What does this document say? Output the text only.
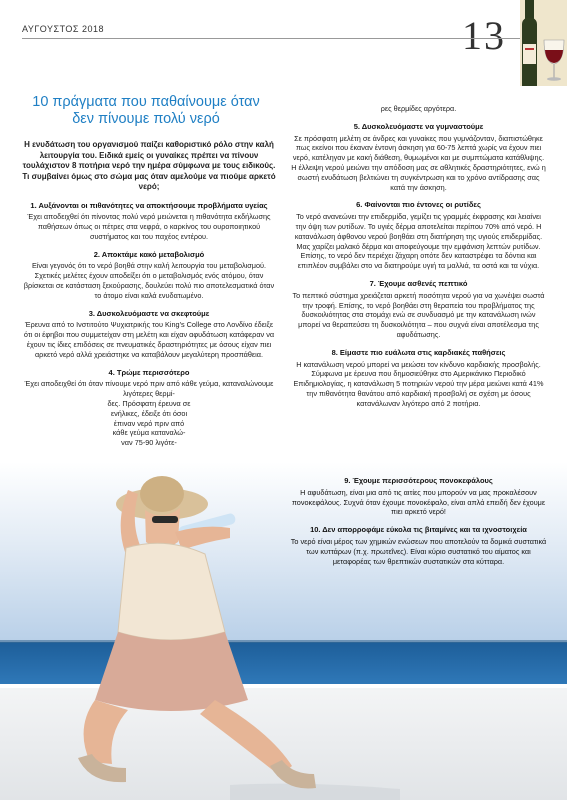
ΑΥΓΟΥΣΤΟΣ 2018	13
10 πράγματα που παθαίνουμε όταν δεν πίνουμε πολύ νερό

Η ενυδάτωση του οργανισμού παίζει καθοριστικό ρόλο στην καλή λειτουργία του. Ειδικά εμείς οι γυναίκες πρέπει να πίνουν τουλάχιστον 8 ποτήρια νερό την ημέρα σύμφωνα με τους ειδικούς. Τι συμβαίνει όμως στο σώμα μας όταν αμελούμε να πιούμε αρκετό νερό;

1. Αυξάνονται οι πιθανότητες να αποκτήσουμε προβλήματα υγείας

Έχει αποδειχθεί ότι πίνοντας πολύ νερό μειώνεται η πιθανότητα εκδήλωσης παθήσεων όπως οι πέτρες στα νεφρά, ο καρκίνος του ουροποιητικού συστήματος και του παχέος εντέρου.

2. Αποκτάμε κακό μεταβολισμό

Είναι γεγονός ότι το νερό βοηθά στην καλή λειτουργία του μεταβολισμού. Σχετικές μελέτες έχουν αποδείξει ότι ο μεταβολισμός ενός ατόμου, όταν βρίσκεται σε κατάσταση ξεκούρασης, δουλεύει πολύ πιο αποτελεσματικά όταν το άτομο είναι καλά ενυδατωμένο.

3. Δυσκολευόμαστε να σκεφτούμε

Έρευνα από το Ινστιτούτο Ψυχιατρικής του King's College στο Λονδίνο έδειξε ότι οι έφηβοι που συμμετείχαν στη μελέτη και είχαν αφυδάτωση κατάφεραν να έχουν τις ίδιες επιδόσεις σε πνευματικές δραστηριότητες με όσους είχαν πιει αρκετό νερό αλλά χρειάστηκε να καταβάλουν μεγαλύτερη προσπάθεια.

4. Τρώμε περισσότερο

Έχει αποδειχθεί ότι όταν πίνουμε νερό πριν από κάθε γεύμα, καταναλώνουμε λιγότερες θερμί-

δες. Πρόσφατη έρευνα σε

ενήλικες, έδειξε ότι όσοι

έπιναν νερό πριν από

κάθε γεύμα καταναλώ-

ναν 75-90 λιγότε-

ρες θερμίδες αργότερα.

5. Δυσκολευόμαστε να γυμναστούμε

Σε πρόσφατη μελέτη σε άνδρες και γυναίκες που γυμνάζονταν, διαπιστώθηκε πως εκείνοι που έκαναν έντονη άσκηση για 60-75 λεπτά χωρίς να έχουν πιει νερό, κατέληγαν με κακή διάθεση, θυμωμένοι και με συμπτώματα κατάθλιψης. Η έλλειψη νερού μειώνει την απόδοση μας σε αθλητικές δραστηριότητες, ενώ η σωστή ενυδάτωση βελτιώνει τη συγκέντρωση και το χρόνο αντίδρασης σας κατά την άσκηση.

6. Φαίνονται πιο έντονες οι ρυτίδες

Το νερό ανανεώνει την επιδερμίδα, γεμίζει τις γραμμές έκφρασης και λειαίνει την όψη των ρυτίδων. Το υγιές δέρμα αποτελείται περίπου 70% από νερό. Η κατανάλωση άφθονου νερού βοηθάει στη διατήρηση της υγιούς επιδερμίδας. Μας χαρίζει μαλακό δέρμα και αποφεύγουμε την εμφάνιση λεπτών ρυτίδων. Επίσης, το νερό δεν περιέχει ζάχαρη οπότε δεν καταστρέφει τα δόντια και επιπλέον συμβάλει στο να διατηρούμε υγιή τα μαλλιά, τα οστά και τα νύχια.

7. Έχουμε ασθενές πεπτικό

Το πεπτικό σύστημα χρειάζεται αρκετή ποσότητα νερού για να χωνέψει σωστά την τροφή. Επίσης, το νερό βοηθάει στη θεραπεία του προβλήματος της δυσκοιλιότητας στα στομάχι ενώ σε συνδυασμό με την κατανάλωση ινών μπορεί να θεραπεύσει τη δυσκοιλιότητα – που συχνά είναι αποτέλεσμα της αφυδάτωσης.

8. Είμαστε πιο ευάλωτα στις καρδιακές παθήσεις

Η κατανάλωση νερού μπορεί να μειώσει τον κίνδυνο καρδιακής προσβολής. Σύμφωνα με έρευνα που δημοσιεύθηκε στο Αμερικάνικο Περιοδικό Επιδημιολογίας, η κατανάλωση 5 ποτηριών νερού την μέρα μειώνει κατά 41% την πιθανότητα θανάτου από καρδιακή προσβολή σε σχέση με όσους κατανάλωναν λιγότερο από 2 ποτήρια.

9. Έχουμε περισσότερους πονοκεφάλους

Η αφυδάτωση, είναι μια από τις αιτίες που μπορούν να μας προκαλέσουν πονοκεφάλους. Συχνά όταν έχουμε πονοκέφαλο, είναι απλά επειδή δεν έχουμε πιει αρκετό νερό!

10. Δεν απορροφάμε εύκολα τις βιταμίνες και τα ιχνοστοιχεία

Το νερό είναι μέρος των χημικών ενώσεων που αποτελούν τα δομικά συστατικά των κυττάρων (π.χ. πρωτεΐνες). Είναι κύριο συστατικό του αίματος και μεταφορέας των θρεπτικών συστατικών στα κύτταρα.
